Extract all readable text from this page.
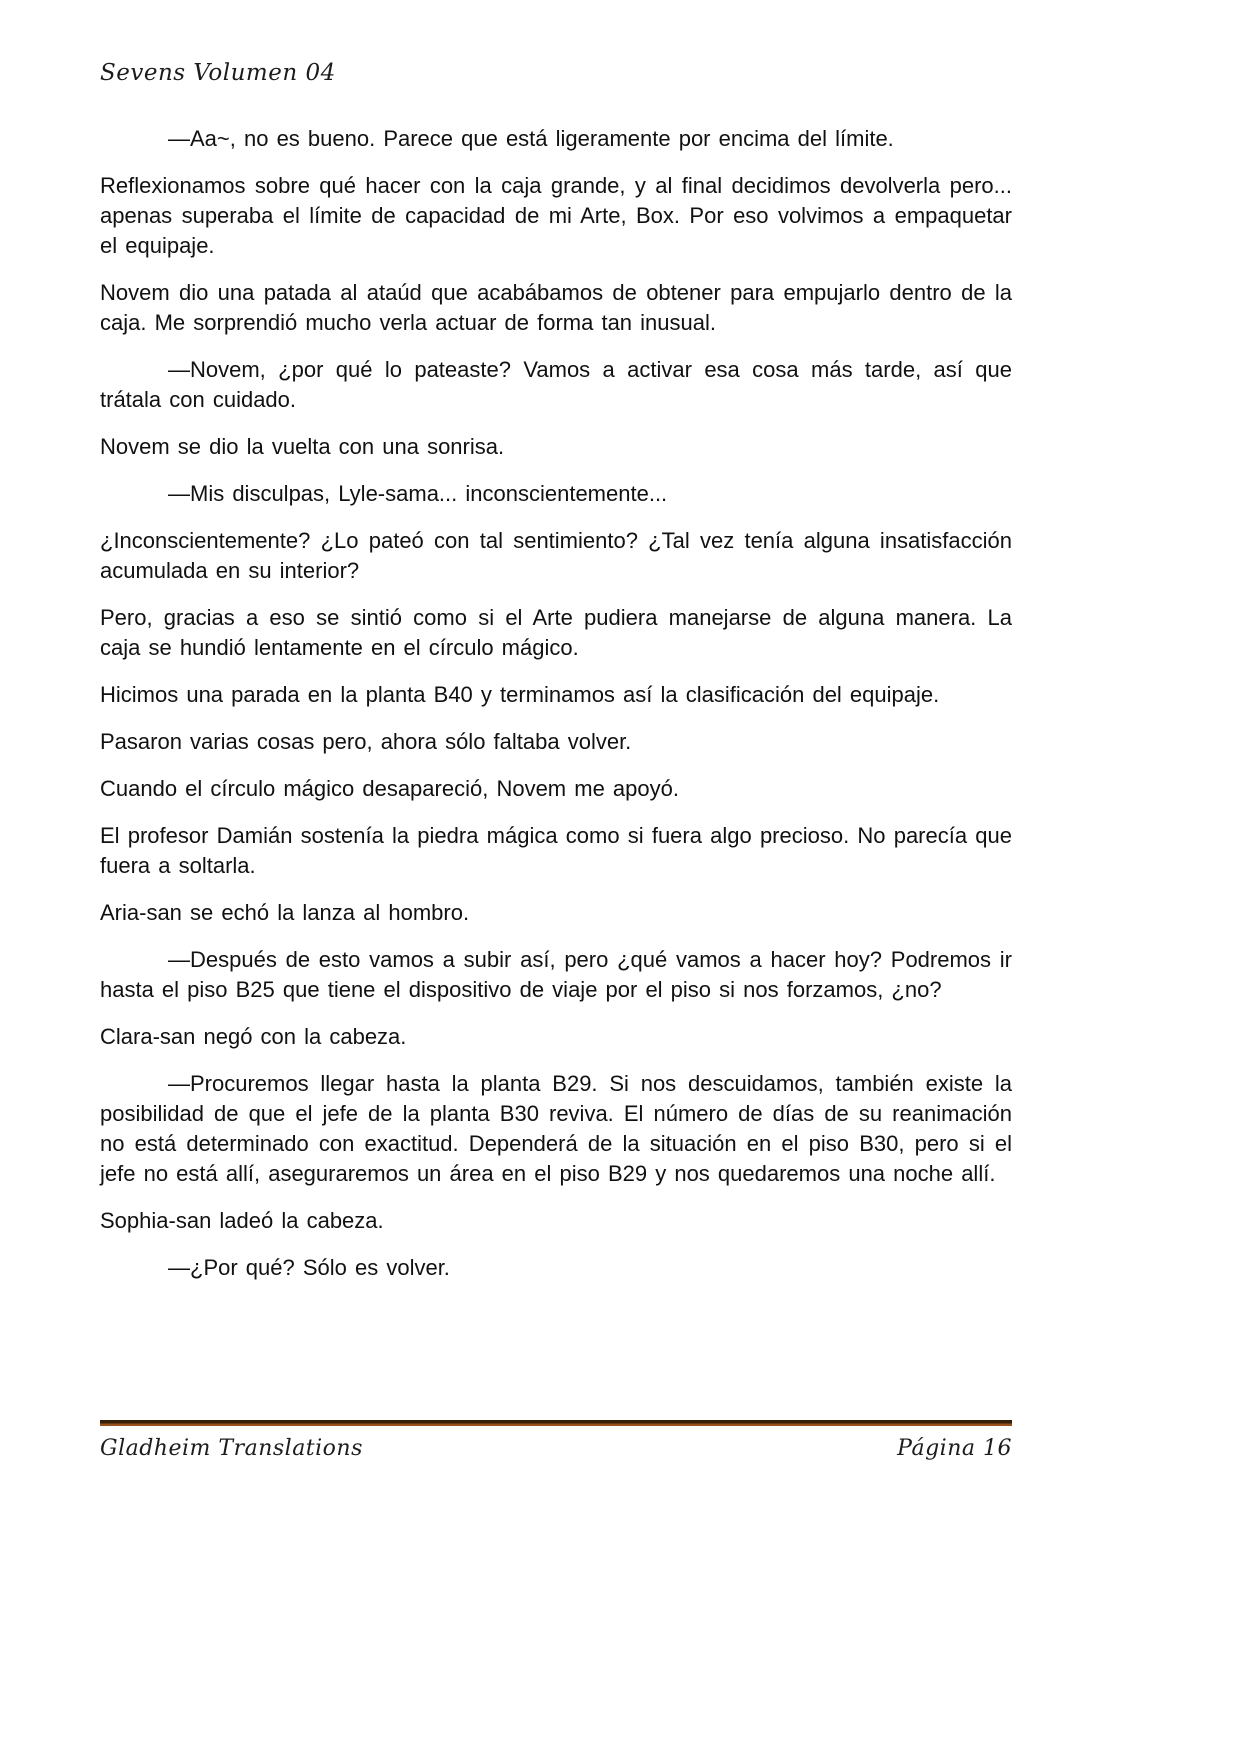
Sevens Volumen 04

—Aa~, no es bueno. Parece que está ligeramente por encima del límite.

Reflexionamos sobre qué hacer con la caja grande, y al final decidimos devolverla pero... apenas superaba el límite de capacidad de mi Arte, Box. Por eso volvimos a empaquetar el equipaje.

Novem dio una patada al ataúd que acabábamos de obtener para empujarlo dentro de la caja. Me sorprendió mucho verla actuar de forma tan inusual.

—Novem, ¿por qué lo pateaste? Vamos a activar esa cosa más tarde, así que trátala con cuidado.

Novem se dio la vuelta con una sonrisa.

—Mis disculpas, Lyle-sama... inconscientemente...

¿Inconscientemente? ¿Lo pateó con tal sentimiento? ¿Tal vez tenía alguna insatisfacción acumulada en su interior?

Pero, gracias a eso se sintió como si el Arte pudiera manejarse de alguna manera. La caja se hundió lentamente en el círculo mágico.

Hicimos una parada en la planta B40 y terminamos así la clasificación del equipaje.

Pasaron varias cosas pero, ahora sólo faltaba volver.

Cuando el círculo mágico desapareció, Novem me apoyó.

El profesor Damián sostenía la piedra mágica como si fuera algo precioso. No parecía que fuera a soltarla.

Aria-san se echó la lanza al hombro.

—Después de esto vamos a subir así, pero ¿qué vamos a hacer hoy? Podremos ir hasta el piso B25 que tiene el dispositivo de viaje por el piso si nos forzamos, ¿no?

Clara-san negó con la cabeza.

—Procuremos llegar hasta la planta B29. Si nos descuidamos, también existe la posibilidad de que el jefe de la planta B30 reviva. El número de días de su reanimación no está determinado con exactitud. Dependerá de la situación en el piso B30, pero si el jefe no está allí, aseguraremos un área en el piso B29 y nos quedaremos una noche allí.

Sophia-san ladeó la cabeza.

—¿Por qué? Sólo es volver.

Gladheim Translations	Página 16
